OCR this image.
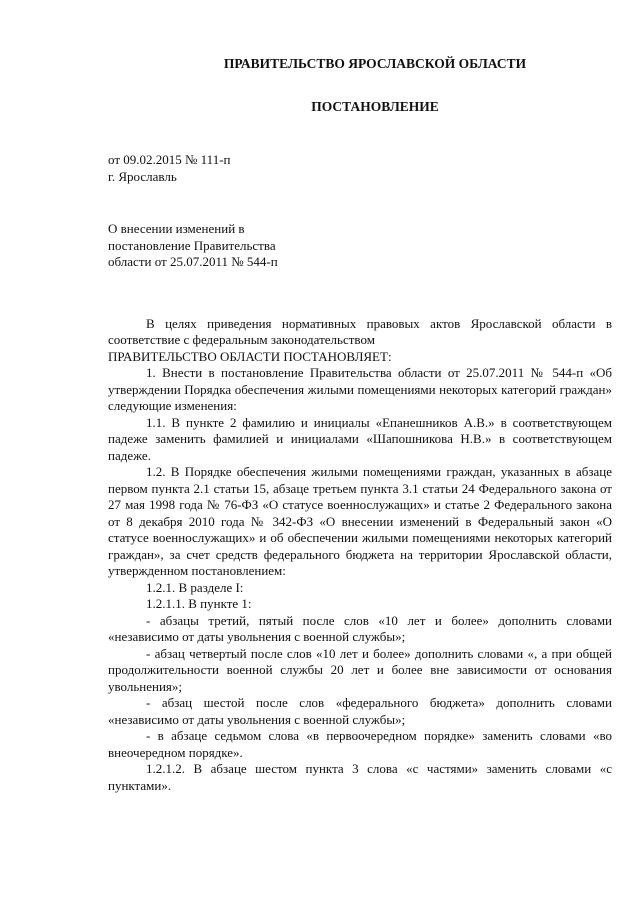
ПРАВИТЕЛЬСТВО ЯРОСЛАВСКОЙ ОБЛАСТИ
ПОСТАНОВЛЕНИЕ
от 09.02.2015 № 111-п
г. Ярославль
О внесении изменений в
постановление Правительства
области от 25.07.2011 № 544-п

В целях приведения нормативных правовых актов Ярославской области в соответствие с федеральным законодательством

ПРАВИТЕЛЬСТВО ОБЛАСТИ ПОСТАНОВЛЯЕТ:

1. Внести в постановление Правительства области от 25.07.2011 № 544-п «Об утверждении Порядка обеспечения жилыми помещениями некоторых категорий граждан» следующие изменения:

1.1. В пункте 2 фамилию и инициалы «Епанешников А.В.» в соответствующем падеже заменить фамилией и инициалами «Шапошникова Н.В.» в соответствующем падеже.

1.2. В Порядке обеспечения жилыми помещениями граждан, указанных в абзаце первом пункта 2.1 статьи 15, абзаце третьем пункта 3.1 статьи 24 Федерального закона от 27 мая 1998 года № 76-ФЗ «О статусе военнослужащих» и статье 2 Федерального закона от 8 декабря 2010 года № 342-ФЗ «О внесении изменений в Федеральный закон «О статусе военнослужащих» и об обеспечении жилыми помещениями некоторых категорий граждан», за счет средств федерального бюджета на территории Ярославской области, утвержденном постановлением:

1.2.1. В разделе I:

1.2.1.1. В пункте 1:

- абзацы третий, пятый после слов «10 лет и более» дополнить словами «независимо от даты увольнения с военной службы»;

- абзац четвертый после слов «10 лет и более» дополнить словами «, а при общей продолжительности военной службы 20 лет и более вне зависимости от основания увольнения»;

- абзац шестой после слов «федерального бюджета» дополнить словами «независимо от даты увольнения с военной службы»;

- в абзаце седьмом слова «в первоочередном порядке» заменить словами «во внеочередном порядке».

1.2.1.2. В абзаце шестом пункта 3 слова «с частями» заменить словами «с пунктами».
